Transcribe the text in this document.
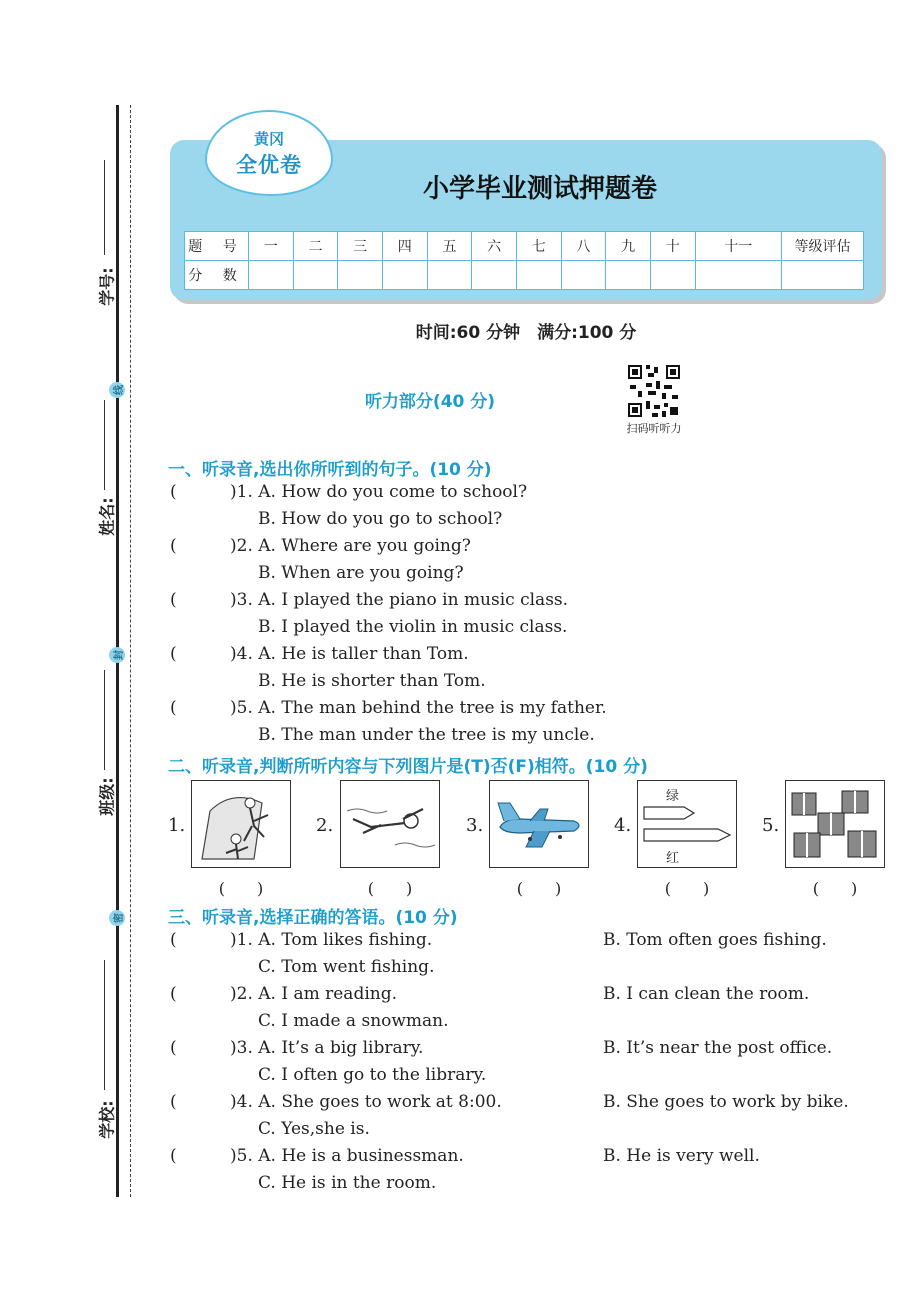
学号:
线
姓名:
封
班级:
密
学校:
黄冈
全优卷
小学毕业测试押题卷
题 号	一	二	三	四	五	六	七	八	九	十	十一	等级评估
分 数												
时间:60 分钟　满分:100 分
听力部分(40 分)
扫码听听力
一、听录音,选出你所听到的句子。(10 分)
(	)1. A. How do you come to school?
B. How do you go to school?
(	)2. A. Where are you going?
B. When are you going?
(	)3. A. I played the piano in music class.
B. I played the violin in music class.
(	)4. A. He is taller than Tom.
B. He is shorter than Tom.
(	)5. A. The man behind the tree is my father.
B. The man under the tree is my uncle.
二、听录音,判断所听内容与下列图片是(T)否(F)相符。(10 分)
1.
(　　)
2.
(　　)
3.
(　　)
4.
绿
红
(　　)
5.
(　　)
三、听录音,选择正确的答语。(10 分)
(	)1. A. Tom likes fishing.	B. Tom often goes fishing.
C. Tom went fishing.
(	)2. A. I am reading.	B. I can clean the room.
C. I made a snowman.
(	)3. A. It’s a big library.	B. It’s near the post office.
C. I often go to the library.
(	)4. A. She goes to work at 8:00.	B. She goes to work by bike.
C. Yes,she is.
(	)5. A. He is a businessman.	B. He is very well.
C. He is in the room.
